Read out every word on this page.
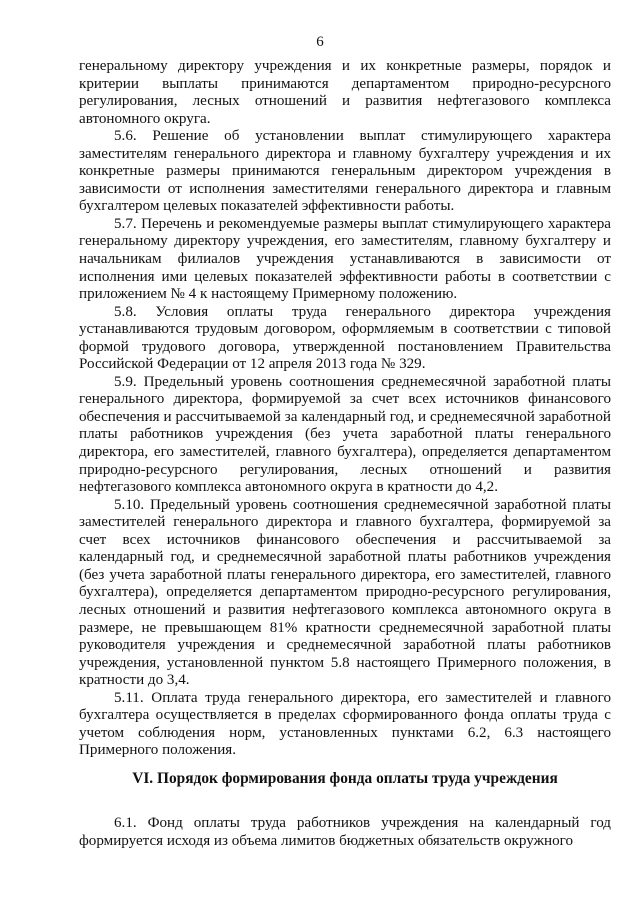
6

генеральному директору учреждения и их конкретные размеры, порядок и критерии выплаты принимаются департаментом природно-ресурсного регулирования, лесных отношений и развития нефтегазового комплекса автономного округа.

5.6. Решение об установлении выплат стимулирующего характера заместителям генерального директора и главному бухгалтеру учреждения и их конкретные размеры принимаются генеральным директором учреждения в зависимости от исполнения заместителями генерального директора и главным бухгалтером целевых показателей эффективности работы.

5.7. Перечень и рекомендуемые размеры выплат стимулирующего характера генеральному директору учреждения, его заместителям, главному бухгалтеру и начальникам филиалов учреждения устанавливаются в зависимости от исполнения ими целевых показателей эффективности работы в соответствии с приложением № 4 к настоящему Примерному положению.

5.8. Условия оплаты труда генерального директора учреждения устанавливаются трудовым договором, оформляемым в соответствии с типовой формой трудового договора, утвержденной постановлением Правительства Российской Федерации от 12 апреля 2013 года № 329.

5.9. Предельный уровень соотношения среднемесячной заработной платы генерального директора, формируемой за счет всех источников финансового обеспечения и рассчитываемой за календарный год, и среднемесячной заработной платы работников учреждения (без учета заработной платы генерального директора, его заместителей, главного бухгалтера), определяется департаментом природно-ресурсного регулирования, лесных отношений и развития нефтегазового комплекса автономного округа в кратности до 4,2.

5.10. Предельный уровень соотношения среднемесячной заработной платы заместителей генерального директора и главного бухгалтера, формируемой за счет всех источников финансового обеспечения и рассчитываемой за календарный год, и среднемесячной заработной платы работников учреждения (без учета заработной платы генерального директора, его заместителей, главного бухгалтера), определяется департаментом природно-ресурсного регулирования, лесных отношений и развития нефтегазового комплекса автономного округа в размере, не превышающем 81% кратности среднемесячной заработной платы руководителя учреждения и среднемесячной заработной платы работников учреждения, установленной пунктом 5.8 настоящего Примерного положения, в кратности до 3,4.

5.11. Оплата труда генерального директора, его заместителей и главного бухгалтера осуществляется в пределах сформированного фонда оплаты труда с учетом соблюдения норм, установленных пунктами 6.2, 6.3 настоящего Примерного положения.

VI. Порядок формирования фонда оплаты труда учреждения

6.1. Фонд оплаты труда работников учреждения на календарный год формируется исходя из объема лимитов бюджетных обязательств окружного
